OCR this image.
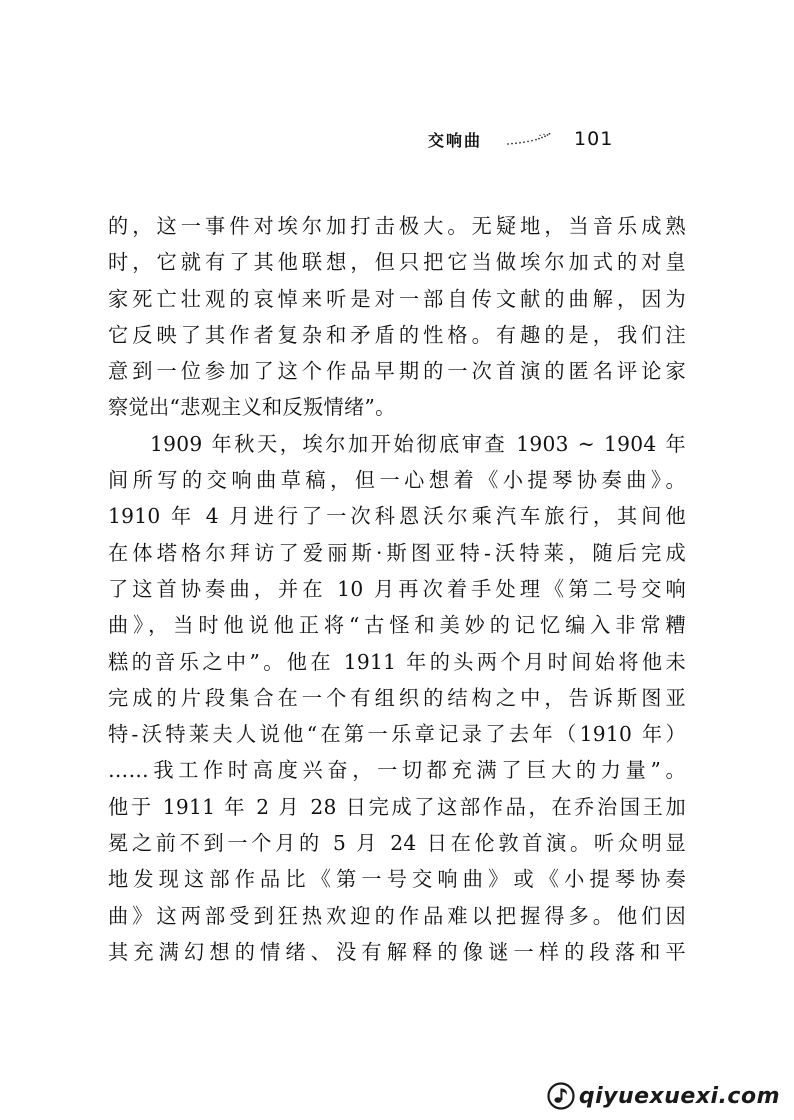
交响曲	101
的，这一事件对埃尔加打击极大。无疑地，当音乐成熟
时，它就有了其他联想，但只把它当做埃尔加式的对皇
家死亡壮观的哀悼来听是对一部自传文献的曲解，因为
它反映了其作者复杂和矛盾的性格。有趣的是，我们注
意到一位参加了这个作品早期的一次首演的匿名评论家
察觉出“悲观主义和反叛情绪”。
1909 年秋天，埃尔加开始彻底审查 1903 ~ 1904 年
间所写的交响曲草稿，但一心想着《小提琴协奏曲》。
1910 年 4 月进行了一次科恩沃尔乘汽车旅行，其间他
在体塔格尔拜访了爱丽斯·斯图亚特-沃特莱，随后完成
了这首协奏曲，并在 10 月再次着手处理《第二号交响
曲》，当时他说他正将“古怪和美妙的记忆编入非常糟
糕的音乐之中”。他在 1911 年的头两个月时间始将他未
完成的片段集合在一个有组织的结构之中，告诉斯图亚
特-沃特莱夫人说他“在第一乐章记录了去年（1910 年）
……我工作时高度兴奋，一切都充满了巨大的力量”。
他于 1911 年 2 月 28 日完成了这部作品，在乔治国王加
冕之前不到一个月的 5 月 24 日在伦敦首演。听众明显
地发现这部作品比《第一号交响曲》或《小提琴协奏
曲》这两部受到狂热欢迎的作品难以把握得多。他们因
其充满幻想的情绪、没有解释的像谜一样的段落和平
qiyuexuexi.com
